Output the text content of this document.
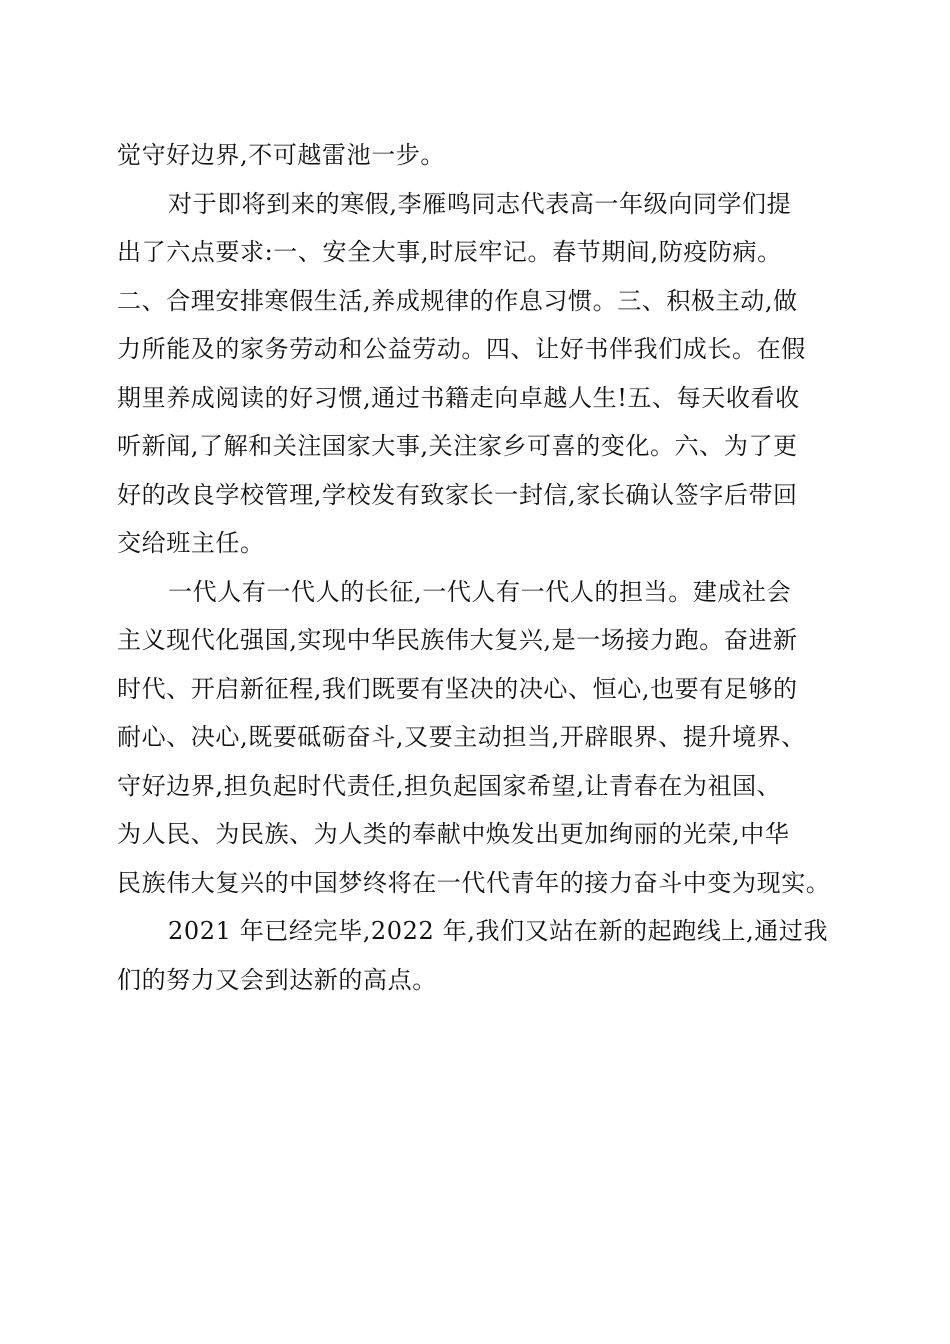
觉守好边界,不可越雷池一步。
对于即将到来的寒假,李雁鸣同志代表高一年级向同学们提
出了六点要求:一、安全大事,时辰牢记。春节期间,防疫防病。
二、合理安排寒假生活,养成规律的作息习惯。三、积极主动,做
力所能及的家务劳动和公益劳动。四、让好书伴我们成长。在假
期里养成阅读的好习惯,通过书籍走向卓越人生!五、每天收看收
听新闻,了解和关注国家大事,关注家乡可喜的变化。六、为了更
好的改良学校管理,学校发有致家长一封信,家长确认签字后带回
交给班主任。
一代人有一代人的长征,一代人有一代人的担当。建成社会
主义现代化强国,实现中华民族伟大复兴,是一场接力跑。奋进新
时代、开启新征程,我们既要有坚决的决心、恒心,也要有足够的
耐心、决心,既要砥砺奋斗,又要主动担当,开辟眼界、提升境界、
守好边界,担负起时代责任,担负起国家希望,让青春在为祖国、
为人民、为民族、为人类的奉献中焕发出更加绚丽的光荣,中华
民族伟大复兴的中国梦终将在一代代青年的接力奋斗中变为现实。
2021 年已经完毕,2022 年,我们又站在新的起跑线上,通过我
们的努力又会到达新的高点。
